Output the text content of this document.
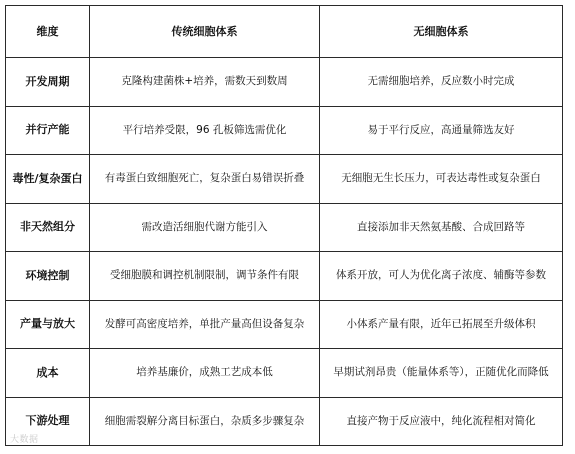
维度	传统细胞体系	无细胞体系
开发周期	克隆构建菌株+培养，需数天到数周	无需细胞培养，反应数小时完成
并行产能	平行培养受限，96 孔板筛选需优化	易于平行反应，高通量筛选友好
毒性/复杂蛋白	有毒蛋白致细胞死亡，复杂蛋白易错误折叠	无细胞无生长压力，可表达毒性或复杂蛋白
非天然组分	需改造活细胞代谢方能引入	直接添加非天然氨基酸、合成回路等
环境控制	受细胞膜和调控机制限制，调节条件有限	体系开放，可人为优化离子浓度、辅酶等参数
产量与放大	发酵可高密度培养，单批产量高但设备复杂	小体系产量有限，近年已拓展至升级体积
成本	培养基廉价，成熟工艺成本低	早期试剂昂贵（能量体系等），正随优化而降低
下游处理	细胞需裂解分离目标蛋白，杂质多步骤复杂	直接产物于反应液中，纯化流程相对简化
大数据
